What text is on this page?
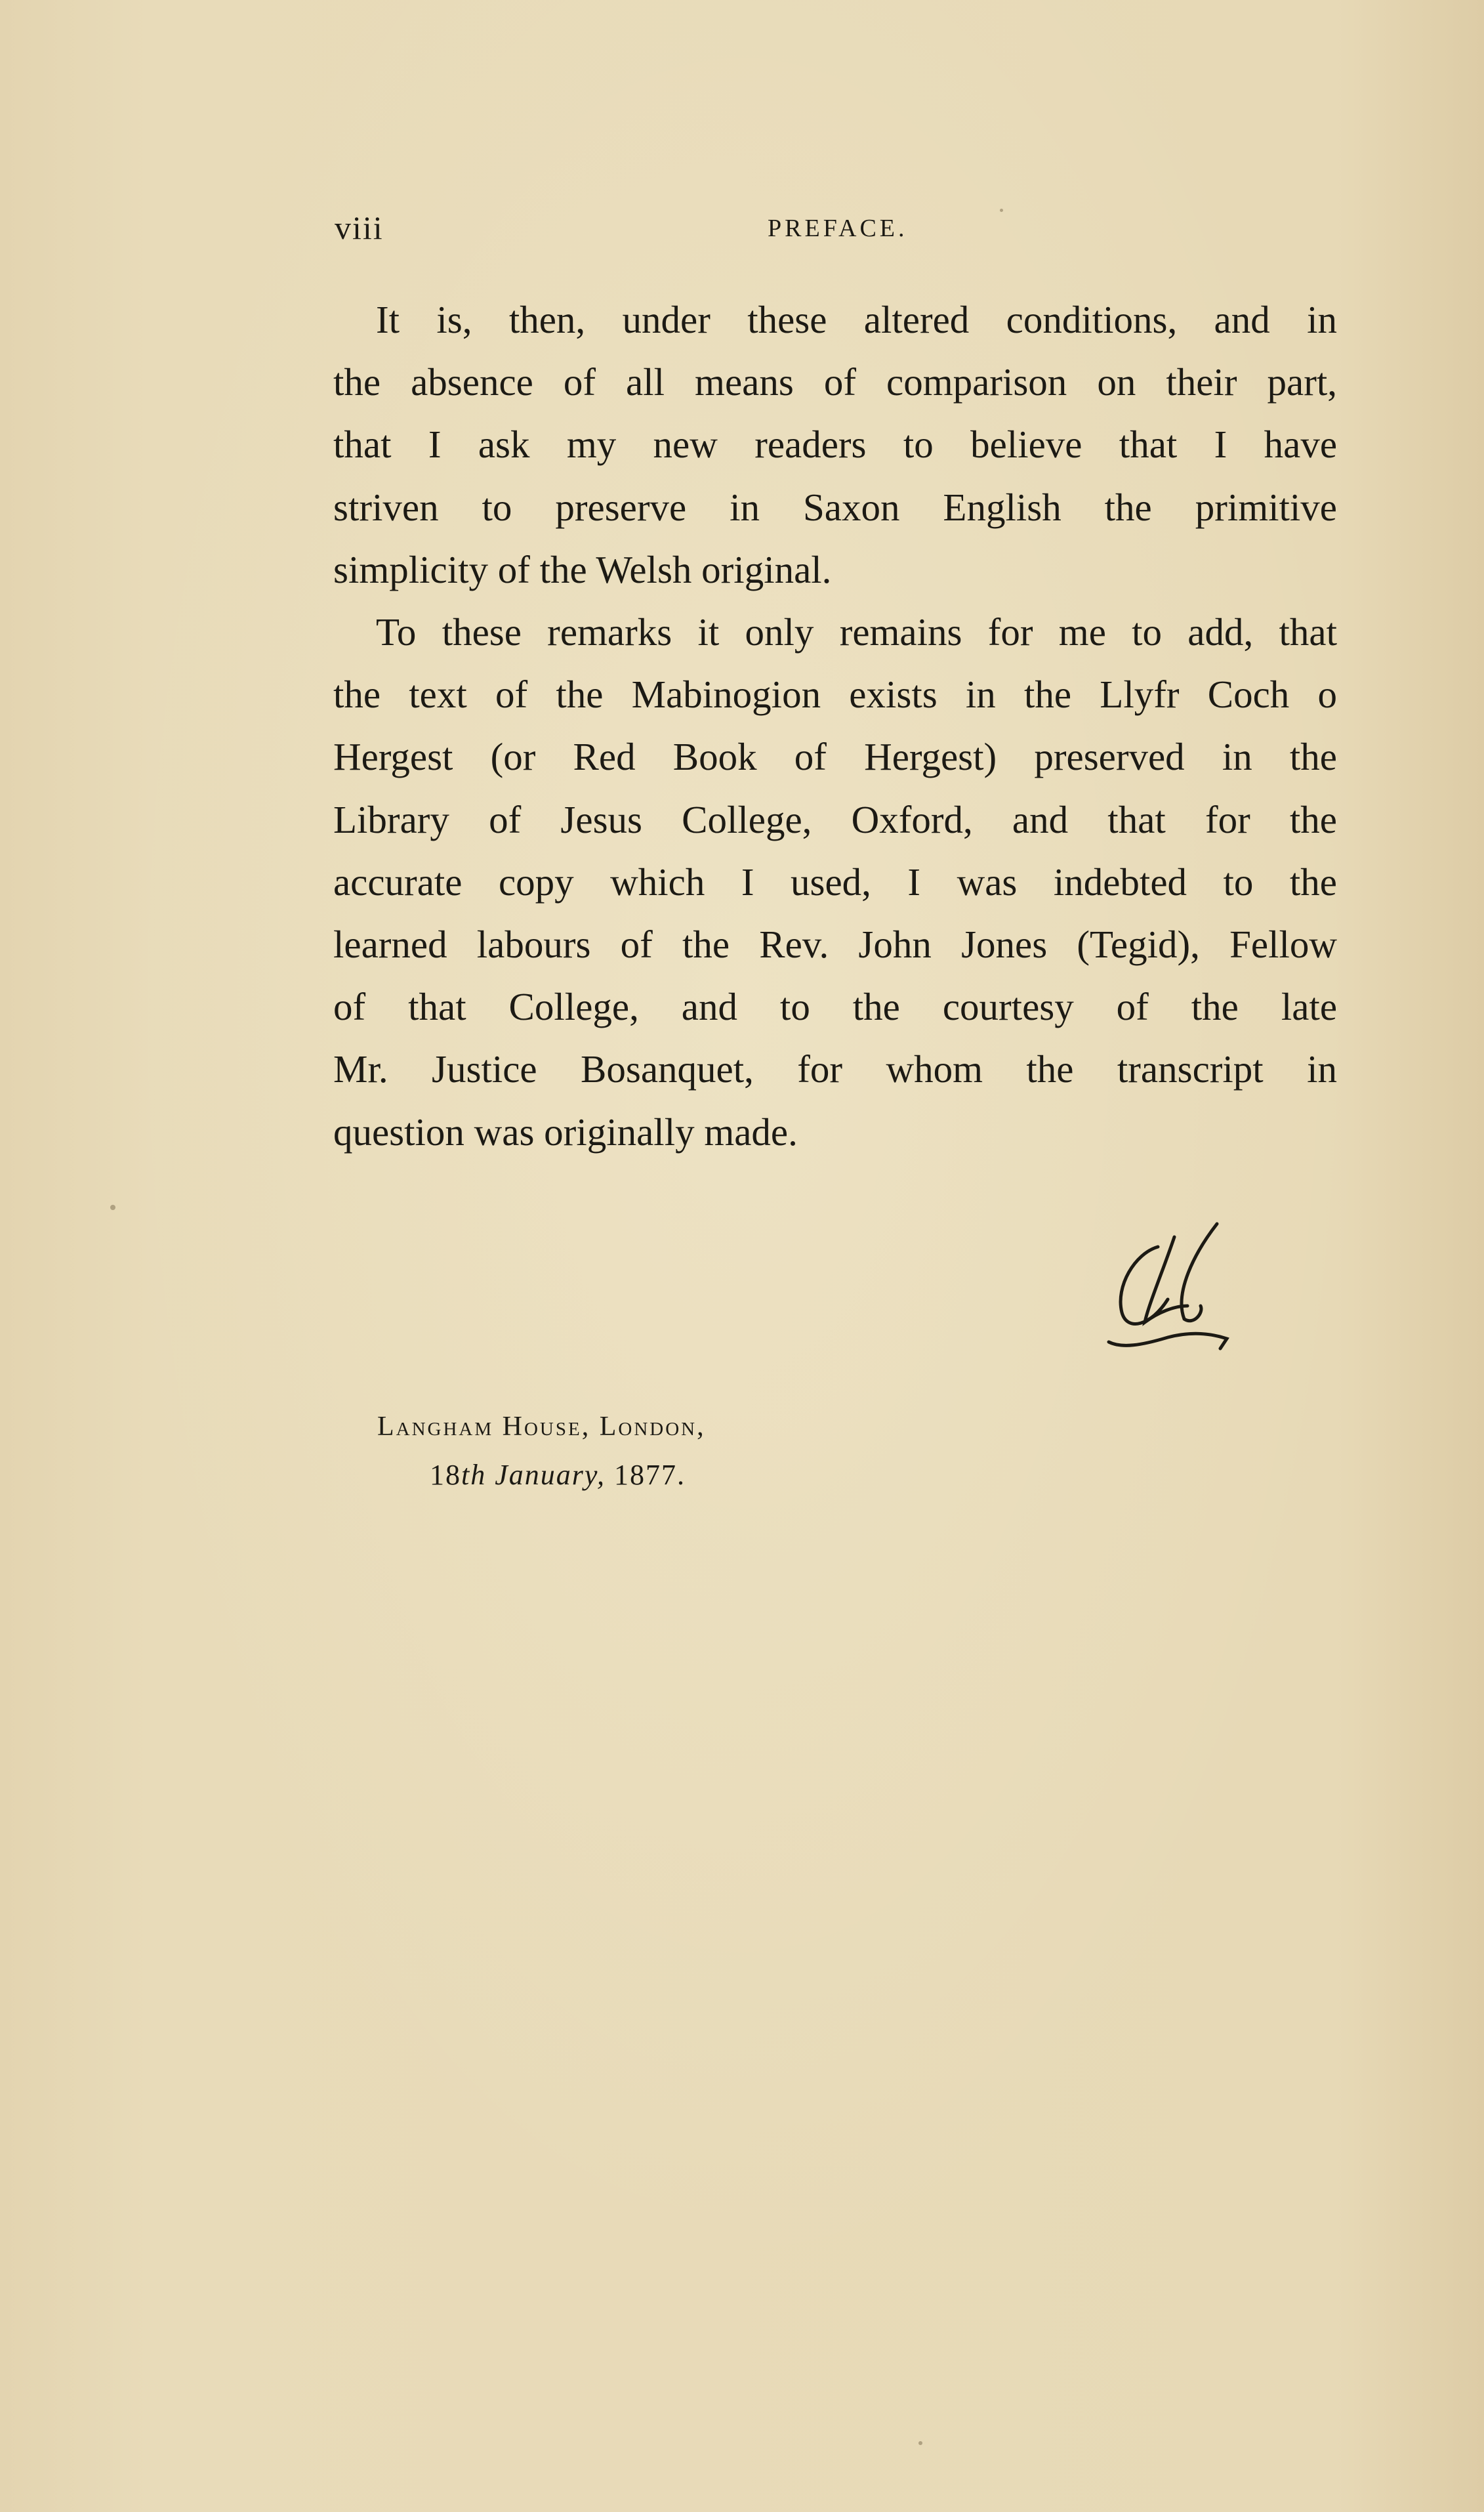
viii	PREFACE.

It is, then, under these altered conditions, and in
the absence of all means of comparison on their part,
that I ask my new readers to believe that I have
striven to preserve in Saxon English the primitive
simplicity of the Welsh original.

To these remarks it only remains for me to add, that
the text of the Mabinogion exists in the Llyfr Coch o
Hergest (or Red Book of Hergest) preserved in the
Library of Jesus College, Oxford, and that for the
accurate copy which I used, I was indebted to the
learned labours of the Rev. John Jones (Tegid), Fellow
of that College, and to the courtesy of the late
Mr. Justice Bosanquet, for whom the transcript in
question was originally made.

Langham House, London,
18th January, 1877.
